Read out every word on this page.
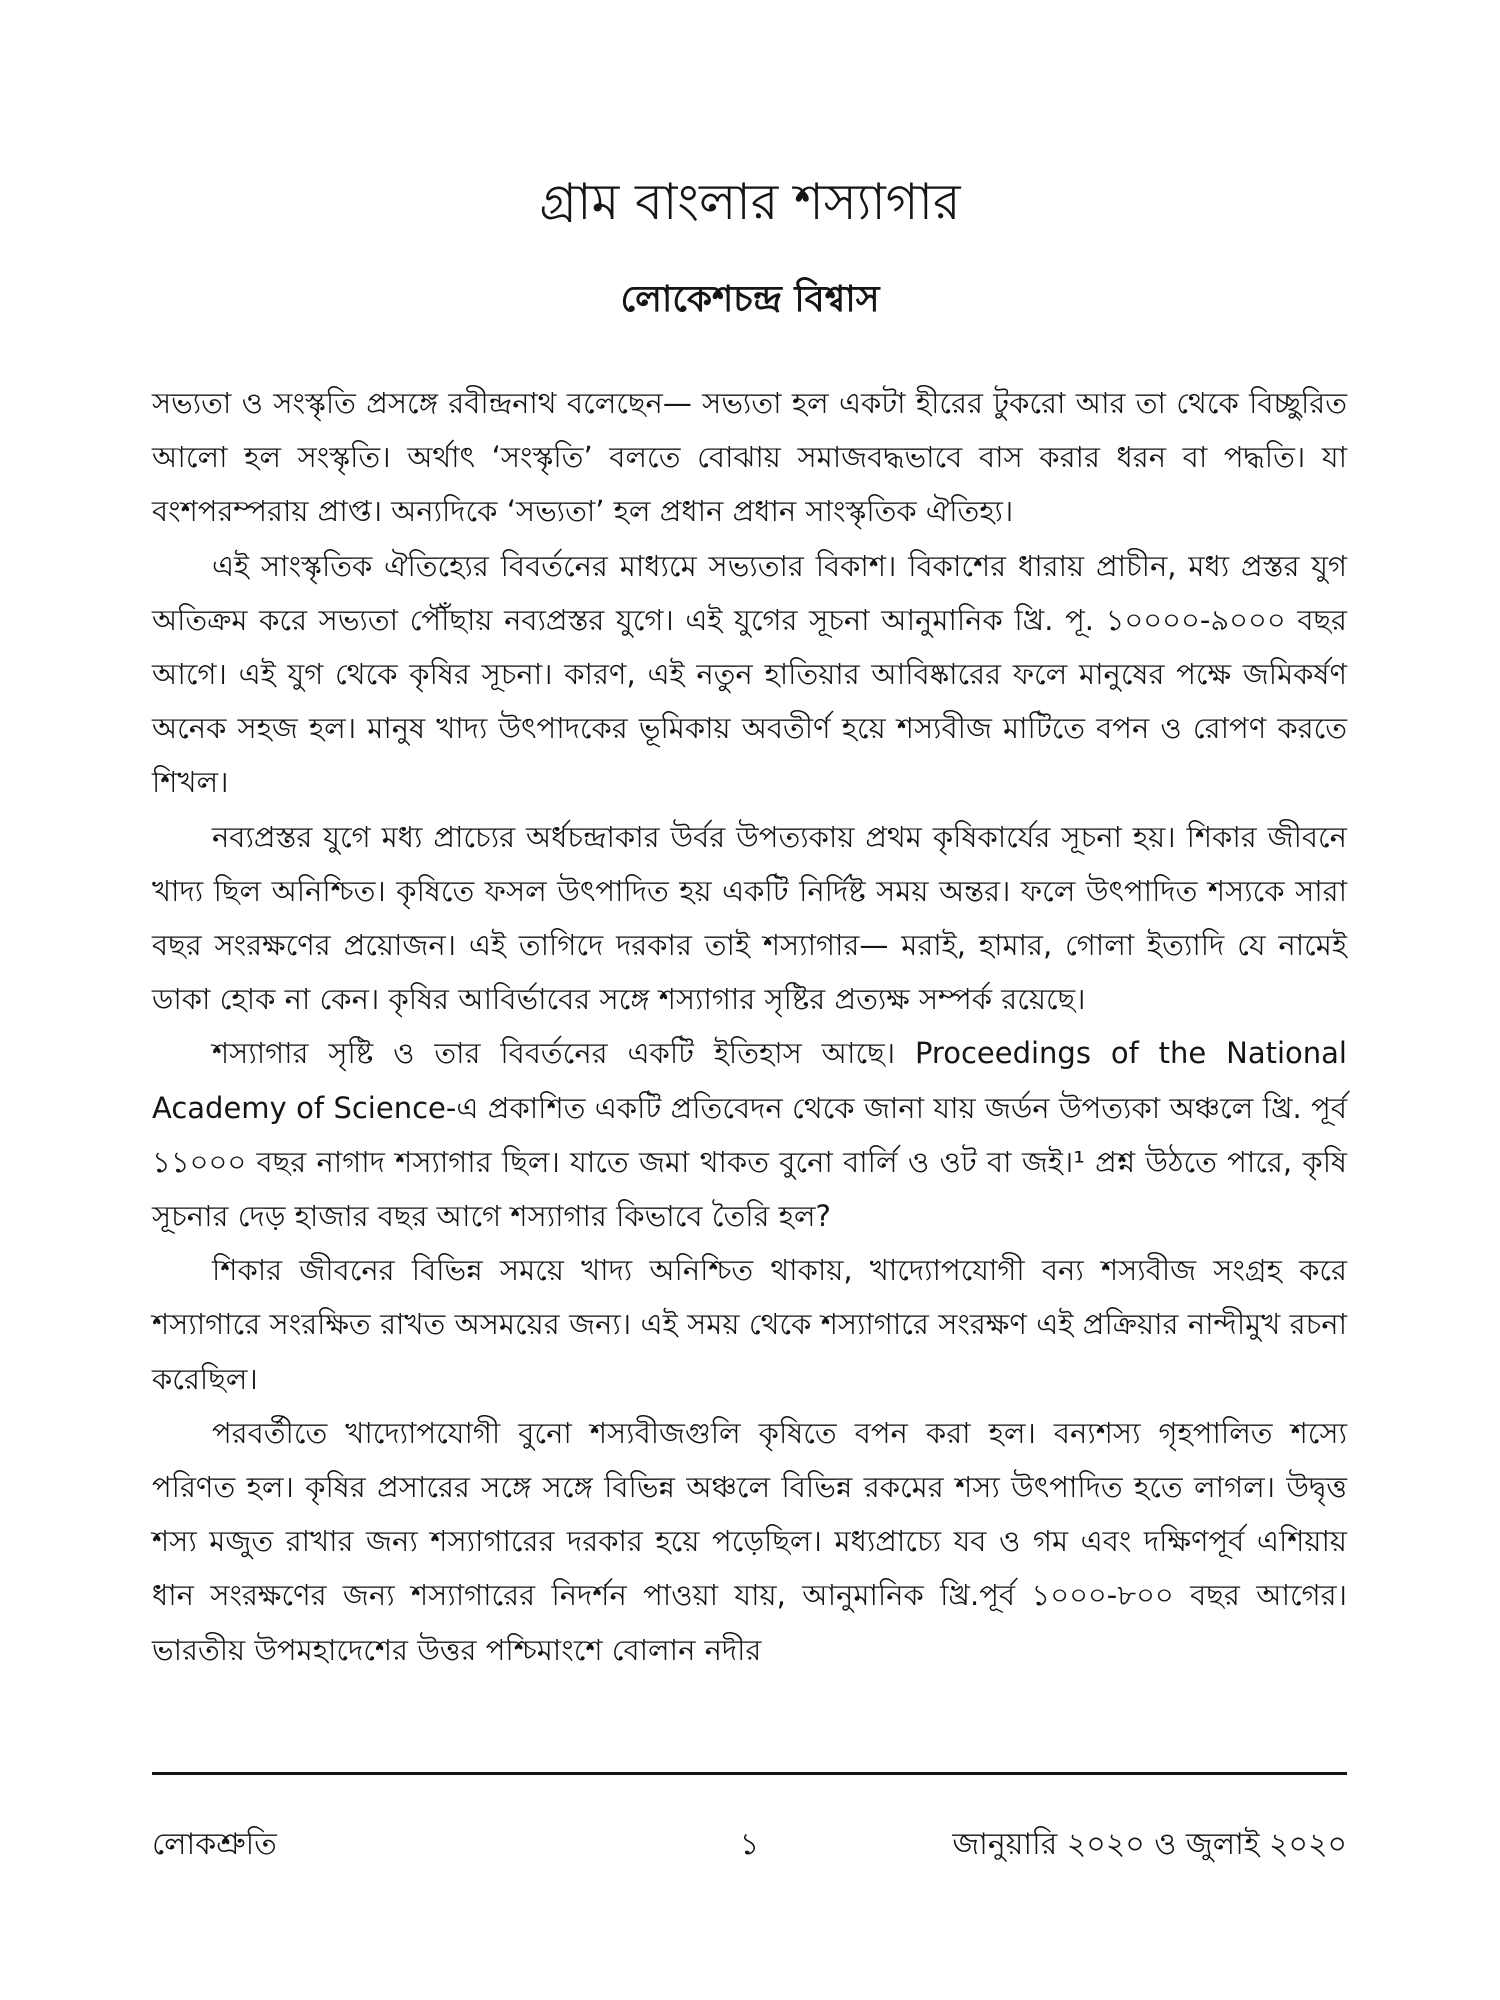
গ্রাম বাংলার শস্যাগার
লোকেশচন্দ্র বিশ্বাস

সভ্যতা ও সংস্কৃতি প্রসঙ্গে রবীন্দ্রনাথ বলেছেন— সভ্যতা হল একটা হীরের টুকরো আর তা থেকে বিচ্ছুরিত আলো হল সংস্কৃতি। অর্থাৎ ‘সংস্কৃতি’ বলতে বোঝায় সমাজবদ্ধভাবে বাস করার ধরন বা পদ্ধতি। যা বংশপরম্পরায় প্রাপ্ত। অন্যদিকে ‘সভ্যতা’ হল প্রধান প্রধান সাংস্কৃতিক ঐতিহ্য।

এই সাংস্কৃতিক ঐতিহ্যের বিবর্তনের মাধ্যমে সভ্যতার বিকাশ। বিকাশের ধারায় প্রাচীন, মধ্য প্রস্তর যুগ অতিক্রম করে সভ্যতা পৌঁছায় নব্যপ্রস্তর যুগে। এই যুগের সূচনা আনুমানিক খ্রি. পূ. ১০০০০-৯০০০ বছর আগে। এই যুগ থেকে কৃষির সূচনা। কারণ, এই নতুন হাতিয়ার আবিষ্কারের ফলে মানুষের পক্ষে জমিকর্ষণ অনেক সহজ হল। মানুষ খাদ্য উৎপাদকের ভূমিকায় অবতীর্ণ হয়ে শস্যবীজ মাটিতে বপন ও রোপণ করতে শিখল।

নব্যপ্রস্তর যুগে মধ্য প্রাচ্যের অর্ধচন্দ্রাকার উর্বর উপত্যকায় প্রথম কৃষিকার্যের সূচনা হয়। শিকার জীবনে খাদ্য ছিল অনিশ্চিত। কৃষিতে ফসল উৎপাদিত হয় একটি নির্দিষ্ট সময় অন্তর। ফলে উৎপাদিত শস্যকে সারা বছর সংরক্ষণের প্রয়োজন। এই তাগিদে দরকার তাই শস্যাগার— মরাই, হামার, গোলা ইত্যাদি যে নামেই ডাকা হোক না কেন। কৃষির আবির্ভাবের সঙ্গে শস্যাগার সৃষ্টির প্রত্যক্ষ সম্পর্ক রয়েছে।

শস্যাগার সৃষ্টি ও তার বিবর্তনের একটি ইতিহাস আছে। Proceedings of the National Academy of Science-এ প্রকাশিত একটি প্রতিবেদন থেকে জানা যায় জর্ডন উপত্যকা অঞ্চলে খ্রি. পূর্ব ১১০০০ বছর নাগাদ শস্যাগার ছিল। যাতে জমা থাকত বুনো বার্লি ও ওট বা জই।¹ প্রশ্ন উঠতে পারে, কৃষি সূচনার দেড় হাজার বছর আগে শস্যাগার কিভাবে তৈরি হল?

শিকার জীবনের বিভিন্ন সময়ে খাদ্য অনিশ্চিত থাকায়, খাদ্যোপযোগী বন্য শস্যবীজ সংগ্রহ করে শস্যাগারে সংরক্ষিত রাখত অসময়ের জন্য। এই সময় থেকে শস্যাগারে সংরক্ষণ এই প্রক্রিয়ার নান্দীমুখ রচনা করেছিল।

পরবর্তীতে খাদ্যোপযোগী বুনো শস্যবীজগুলি কৃষিতে বপন করা হল। বন্যশস্য গৃহপালিত শস্যে পরিণত হল। কৃষির প্রসারের সঙ্গে সঙ্গে বিভিন্ন অঞ্চলে বিভিন্ন রকমের শস্য উৎপাদিত হতে লাগল। উদ্বৃত্ত শস্য মজুত রাখার জন্য শস্যাগারের দরকার হয়ে পড়েছিল। মধ্যপ্রাচ্যে যব ও গম এবং দক্ষিণপূর্ব এশিয়ায় ধান সংরক্ষণের জন্য শস্যাগারের নিদর্শন পাওয়া যায়, আনুমানিক খ্রি.পূর্ব ১০০০-৮০০ বছর আগের। ভারতীয় উপমহাদেশের উত্তর পশ্চিমাংশে বোলান নদীর

লোকশ্রুতি	১	জানুয়ারি ২০২০ ও জুলাই ২০২০
